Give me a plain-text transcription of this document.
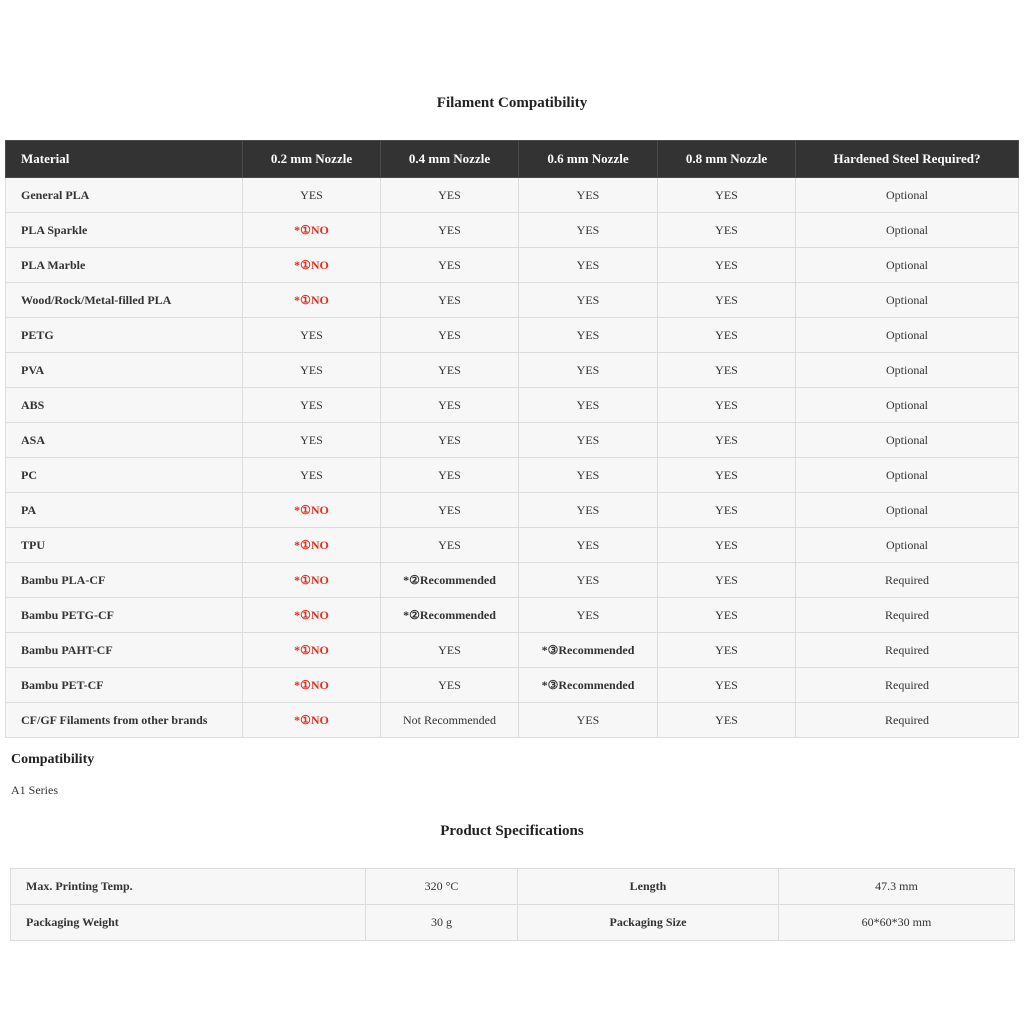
Filament Compatibility
Material	0.2 mm Nozzle	0.4 mm Nozzle	0.6 mm Nozzle	0.8 mm Nozzle	Hardened Steel Required?
General PLA	YES	YES	YES	YES	Optional
PLA Sparkle	*①NO	YES	YES	YES	Optional
PLA Marble	*①NO	YES	YES	YES	Optional
Wood/Rock/Metal-filled PLA	*①NO	YES	YES	YES	Optional
PETG	YES	YES	YES	YES	Optional
PVA	YES	YES	YES	YES	Optional
ABS	YES	YES	YES	YES	Optional
ASA	YES	YES	YES	YES	Optional
PC	YES	YES	YES	YES	Optional
PA	*①NO	YES	YES	YES	Optional
TPU	*①NO	YES	YES	YES	Optional
Bambu PLA-CF	*①NO	*②Recommended	YES	YES	Required
Bambu PETG-CF	*①NO	*②Recommended	YES	YES	Required
Bambu PAHT-CF	*①NO	YES	*③Recommended	YES	Required
Bambu PET-CF	*①NO	YES	*③Recommended	YES	Required
CF/GF Filaments from other brands	*①NO	Not Recommended	YES	YES	Required
Compatibility
A1 Series
Product Specifications
Max. Printing Temp.	320 °C	Length	47.3 mm
Packaging Weight	30 g	Packaging Size	60*60*30 mm
